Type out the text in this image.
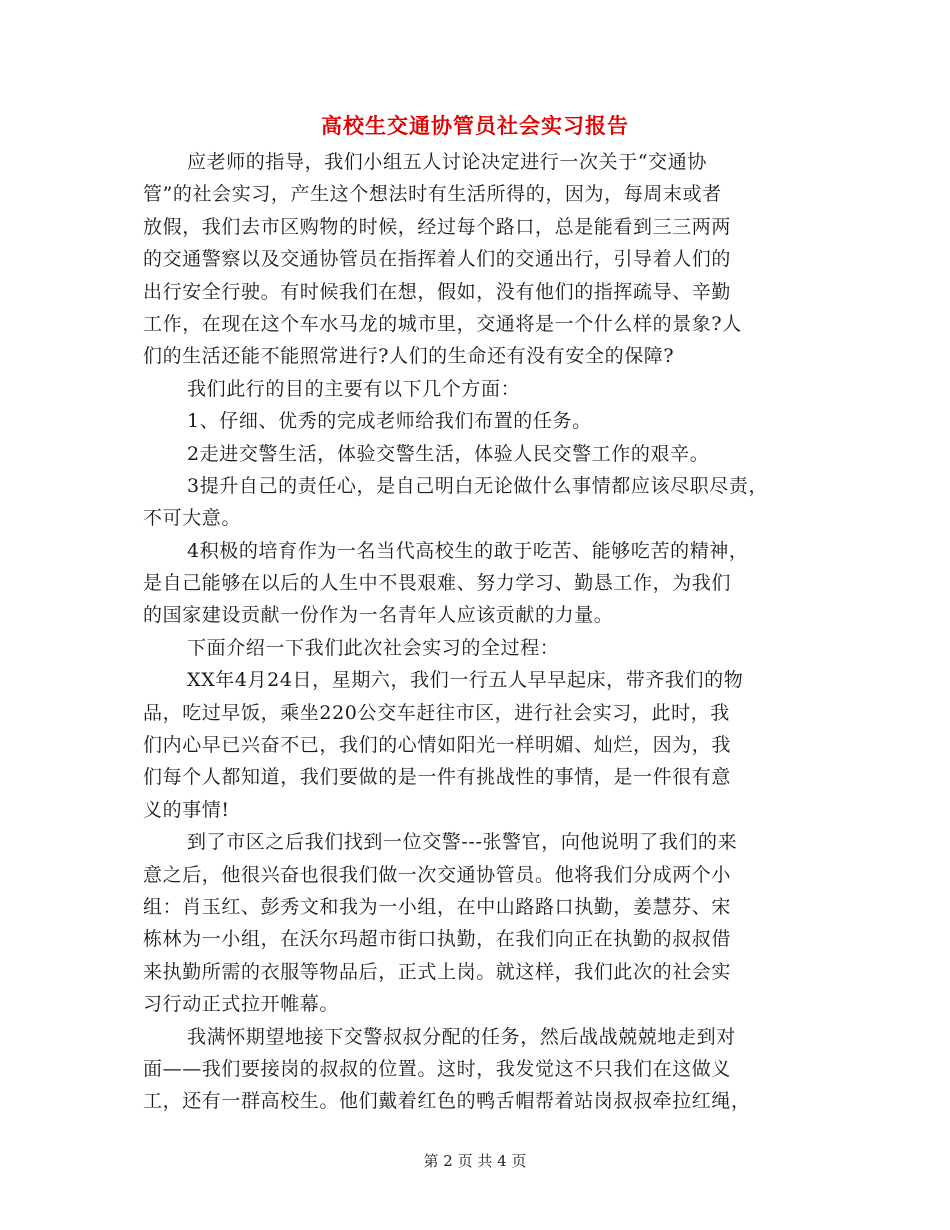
高校生交通协管员社会实习报告
应老师的指导，我们小组五人讨论决定进行一次关于“交通协
管”的社会实习，产生这个想法时有生活所得的，因为，每周末或者
放假，我们去市区购物的时候，经过每个路口，总是能看到三三两两
的交通警察以及交通协管员在指挥着人们的交通出行，引导着人们的
出行安全行驶。有时候我们在想，假如，没有他们的指挥疏导、辛勤
工作，在现在这个车水马龙的城市里，交通将是一个什么样的景象?人
们的生活还能不能照常进行?人们的生命还有没有安全的保障?
我们此行的目的主要有以下几个方面：
1、仔细、优秀的完成老师给我们布置的任务。
2走进交警生活，体验交警生活，体验人民交警工作的艰辛。
3提升自己的责任心，是自己明白无论做什么事情都应该尽职尽责，
不可大意。
4积极的培育作为一名当代高校生的敢于吃苦、能够吃苦的精神，
是自己能够在以后的人生中不畏艰难、努力学习、勤恳工作，为我们
的国家建设贡献一份作为一名青年人应该贡献的力量。
下面介绍一下我们此次社会实习的全过程：
XX年4月24日，星期六，我们一行五人早早起床，带齐我们的物
品，吃过早饭，乘坐220公交车赶往市区，进行社会实习，此时，我
们内心早已兴奋不已，我们的心情如阳光一样明媚、灿烂，因为，我
们每个人都知道，我们要做的是一件有挑战性的事情，是一件很有意
义的事情!
到了市区之后我们找到一位交警---张警官，向他说明了我们的来
意之后，他很兴奋也很我们做一次交通协管员。他将我们分成两个小
组：肖玉红、彭秀文和我为一小组，在中山路路口执勤，姜慧芬、宋
栋林为一小组，在沃尔玛超市街口执勤，在我们向正在执勤的叔叔借
来执勤所需的衣服等物品后，正式上岗。就这样，我们此次的社会实
习行动正式拉开帷幕。
我满怀期望地接下交警叔叔分配的任务，然后战战兢兢地走到对
面——我们要接岗的叔叔的位置。这时，我发觉这不只我们在这做义
工，还有一群高校生。他们戴着红色的鸭舌帽帮着站岗叔叔牵拉红绳，
第 2 页 共 4 页
